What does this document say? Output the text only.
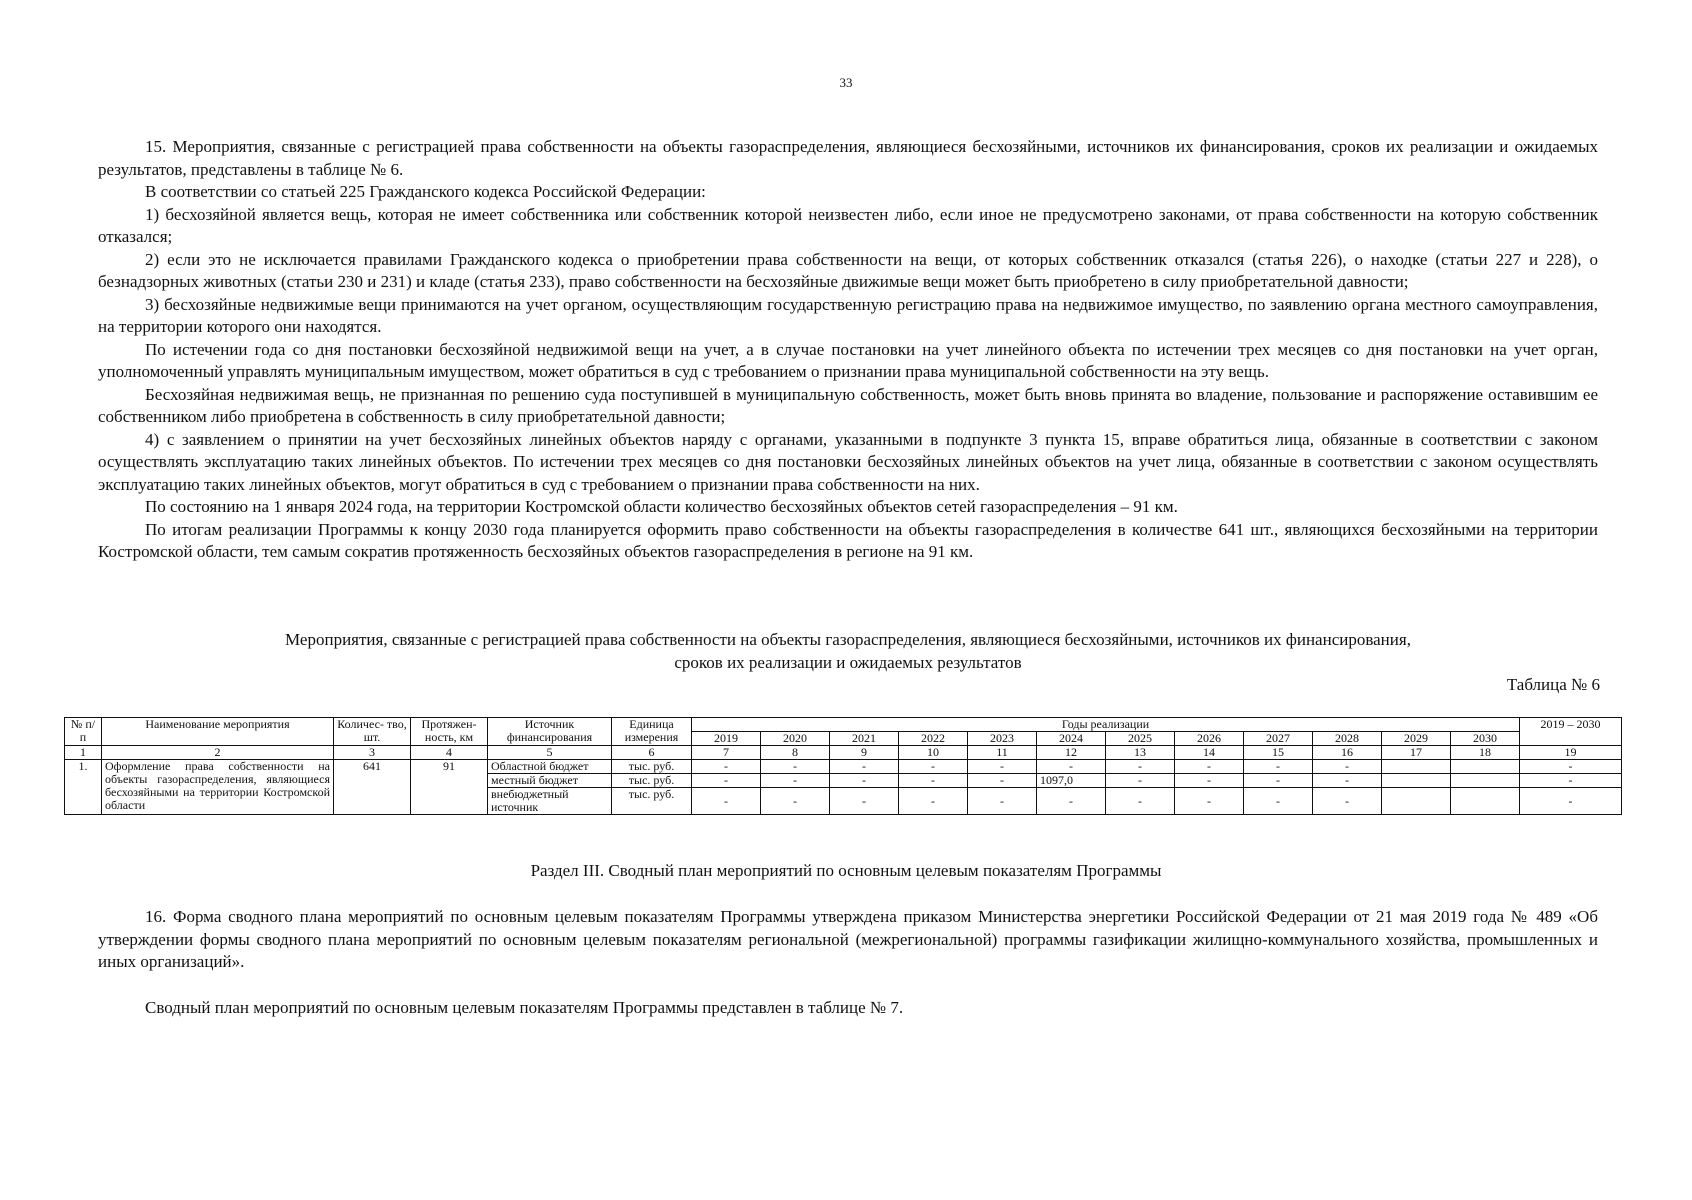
33

15. Мероприятия, связанные с регистрацией права собственности на объекты газораспределения, являющиеся бесхозяйными, источников их финансирования, сроков их реализации и ожидаемых результатов, представлены в таблице № 6.

В соответствии со статьей 225 Гражданского кодекса Российской Федерации:

1) бесхозяйной является вещь, которая не имеет собственника или собственник которой неизвестен либо, если иное не предусмотрено законами, от права собственности на которую собственник отказался;

2) если это не исключается правилами Гражданского кодекса о приобретении права собственности на вещи, от которых собственник отказался (статья 226), о находке (статьи 227 и 228), о безнадзорных животных (статьи 230 и 231) и кладе (статья 233), право собственности на бесхозяйные движимые вещи может быть приобретено в силу приобретательной давности;

3) бесхозяйные недвижимые вещи принимаются на учет органом, осуществляющим государственную регистрацию права на недвижимое имущество, по заявлению органа местного самоуправления, на территории которого они находятся.

По истечении года со дня постановки бесхозяйной недвижимой вещи на учет, а в случае постановки на учет линейного объекта по истечении трех месяцев со дня постановки на учет орган, уполномоченный управлять муниципальным имуществом, может обратиться в суд с требованием о признании права муниципальной собственности на эту вещь.

Бесхозяйная недвижимая вещь, не признанная по решению суда поступившей в муниципальную собственность, может быть вновь принята во владение, пользование и распоряжение оставившим ее собственником либо приобретена в собственность в силу приобретательной давности;

4) с заявлением о принятии на учет бесхозяйных линейных объектов наряду с органами, указанными в подпункте 3 пункта 15, вправе обратиться лица, обязанные в соответствии с законом осуществлять эксплуатацию таких линейных объектов. По истечении трех месяцев со дня постановки бесхозяйных линейных объектов на учет лица, обязанные в соответствии с законом осуществлять эксплуатацию таких линейных объектов, могут обратиться в суд с требованием о признании права собственности на них.

По состоянию на 1 января 2024 года, на территории Костромской области количество бесхозяйных объектов сетей газораспределения – 91 км.

По итогам реализации Программы к концу 2030 года планируется оформить право собственности на объекты газораспределения в количестве 641 шт., являющихся бесхозяйными на территории Костромской области, тем самым сократив протяженность бесхозяйных объектов газораспределения в регионе на 91 км.

Мероприятия, связанные с регистрацией права собственности на объекты газораспределения, являющиеся бесхозяйными, источников их финансирования,
сроков их реализации и ожидаемых результатов
Таблица № 6
№ п/п	Наименование мероприятия	Количес- тво, шт.	Протяжен- ность, км	Источник финансирования	Единица измерения	Годы реализации												2019 – 2030
						2019	2020	2021	2022	2023	2024	2025	2026	2027	2028	2029	2030	
1	2	3	4	5	6	7	8	9	10	11	12	13	14	15	16	17	18	19
1.	Оформление права собственности на объекты газораспределения, являющиеся бесхозяйными на территории Костромской области	641	91	Областной бюджет	тыс. руб.	-	-	-	-	-	-	-	-	-	-			-
				местный бюджет	тыс. руб.	-	-	-	-	-	1097,0	-	-	-	-			-
				внебюджетный источник	тыс. руб.	-	-	-	-	-	-	-	-	-	-			-
Раздел III. Сводный план мероприятий по основным целевым показателям Программы

16. Форма сводного плана мероприятий по основным целевым показателям Программы утверждена приказом Министерства энергетики Российской Федерации от 21 мая 2019 года № 489 «Об утверждении формы сводного плана мероприятий по основным целевым показателям региональной (межрегиональной) программы газификации жилищно-коммунального хозяйства, промышленных и иных организаций».

Сводный план мероприятий по основным целевым показателям Программы представлен в таблице № 7.
